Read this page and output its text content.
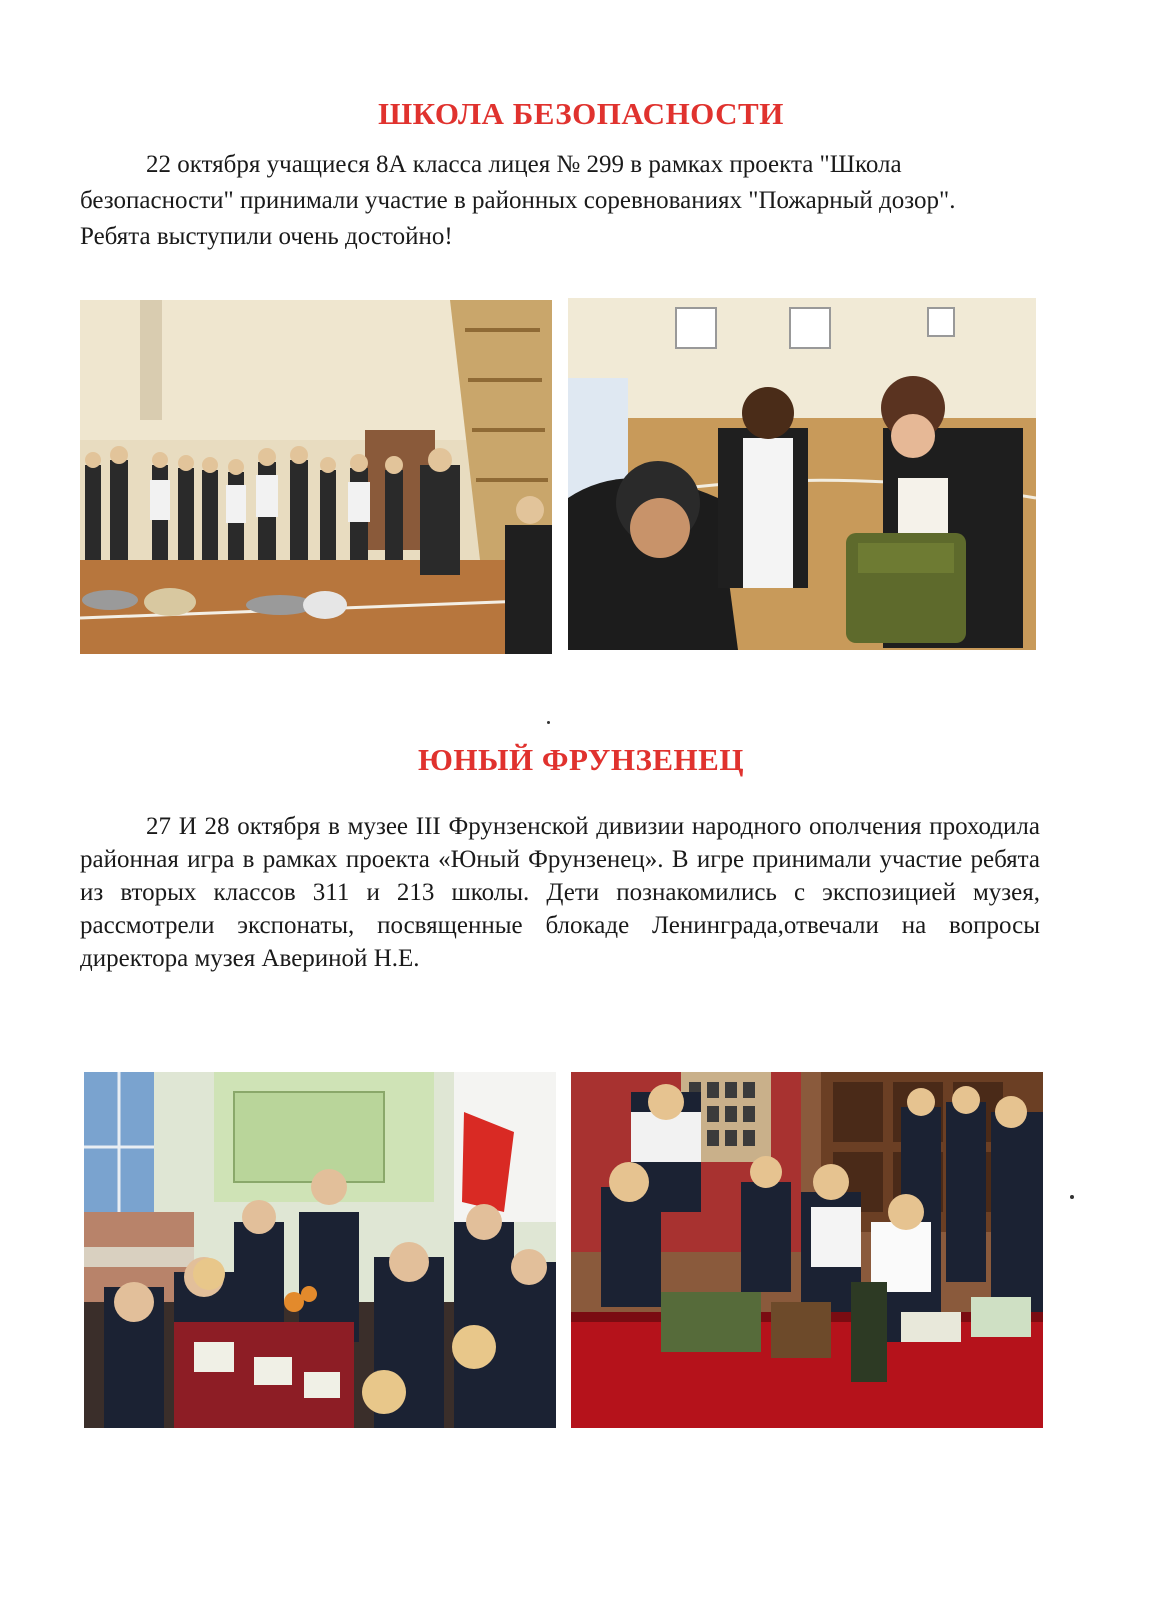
ШКОЛА БЕЗОПАСНОСТИ

22 октября учащиеся 8А класса лицея № 299 в рамках проекта "Школа безопасности" принимали участие в районных соревнованиях "Пожарный дозор". Ребята выступили очень достойно!

ЮНЫЙ ФРУНЗЕНЕЦ

27 И 28 октября в музее III Фрунзенской дивизии народного ополчения проходила районная игра в рамках проекта «Юный Фрунзенец». В игре принимали участие ребята из вторых классов 311 и 213 школы. Дети познакомились с экспозицией музея, рассмотрели экспонаты, посвященные блокаде Ленинграда,отвечали на вопросы директора музея Авериной Н.Е.
